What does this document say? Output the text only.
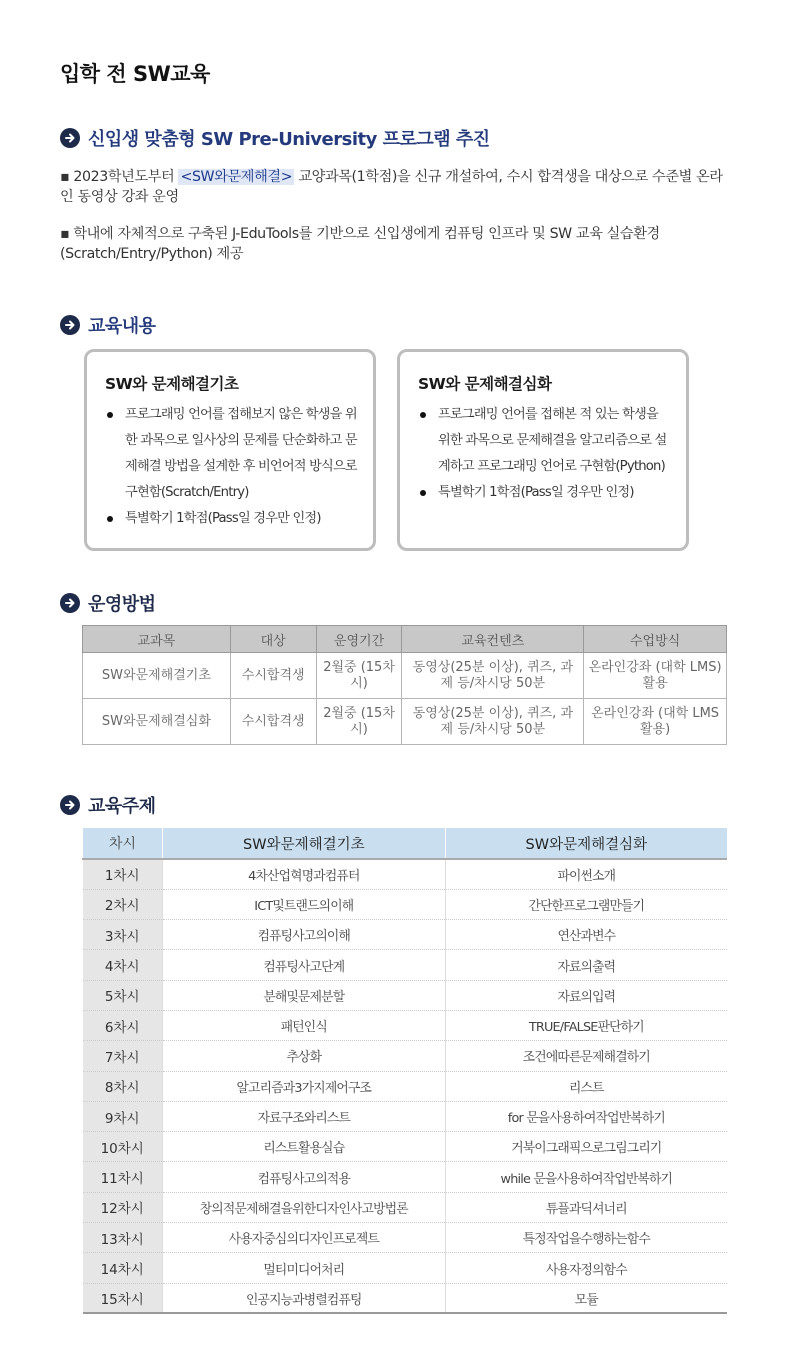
입학 전 SW교육
신입생 맞춤형 SW Pre-University 프로그램 추진
▪ 2023학년도부터 <SW와문제해결> 교양과목(1학점)을 신규 개설하여, 수시 합격생을 대상으로 수준별 온라인 동영상 강좌 운영
▪ 학내에 자체적으로 구축된 J-EduTools를 기반으로 신입생에게 컴퓨팅 인프라 및 SW 교육 실습환경(Scratch/Entry/Python) 제공
교육내용
SW와 문제해결기초
프로그래밍 언어를 접해보지 않은 학생을 위한 과목으로 일사상의 문제를 단순화하고 문제해결 방법을 설계한 후 비언어적 방식으로 구현함(Scratch/Entry)
특별학기 1학점(Pass일 경우만 인정)
SW와 문제해결심화
프로그래밍 언어를 접해본 적 있는 학생을 위한 과목으로 문제해결을 알고리즘으로 설계하고 프로그래밍 언어로 구현함(Python)
특별학기 1학점(Pass일 경우만 인정)
운영방법
교과목	대상	운영기간	교육컨텐츠	수업방식
SW와문제해결기초	수시합격생	2월중 (15차시)	동영상(25분 이상), 퀴즈, 과제 등/차시당 50분	온라인강좌 (대학 LMS) 활용
SW와문제해결심화	수시합격생	2월중 (15차시)	동영상(25분 이상), 퀴즈, 과제 등/차시당 50분	온라인강좌 (대학 LMS 활용)
교육주제
차시	SW와문제해결기초	SW와문제해결심화
1차시	4차산업혁명과컴퓨터	파이썬소개
2차시	ICT및트랜드의이해	간단한프로그램만들기
3차시	컴퓨팅사고의이해	연산과변수
4차시	컴퓨팅사고단계	자료의출력
5차시	분해및문제분할	자료의입력
6차시	패턴인식	TRUE/FALSE판단하기
7차시	추상화	조건에따른문제해결하기
8차시	알고리즘과3가지제어구조	리스트
9차시	자료구조와리스트	for 문을사용하여작업반복하기
10차시	리스트활용실습	거북이그래픽으로그림그리기
11차시	컴퓨팅사고의적용	while 문을사용하여작업반복하기
12차시	창의적문제해결을위한디자인사고방법론	튜플과딕셔너리
13차시	사용자중심의디자인프로젝트	특정작업을수행하는함수
14차시	멀티미디어처리	사용자정의함수
15차시	인공지능과병렬컴퓨팅	모듈
